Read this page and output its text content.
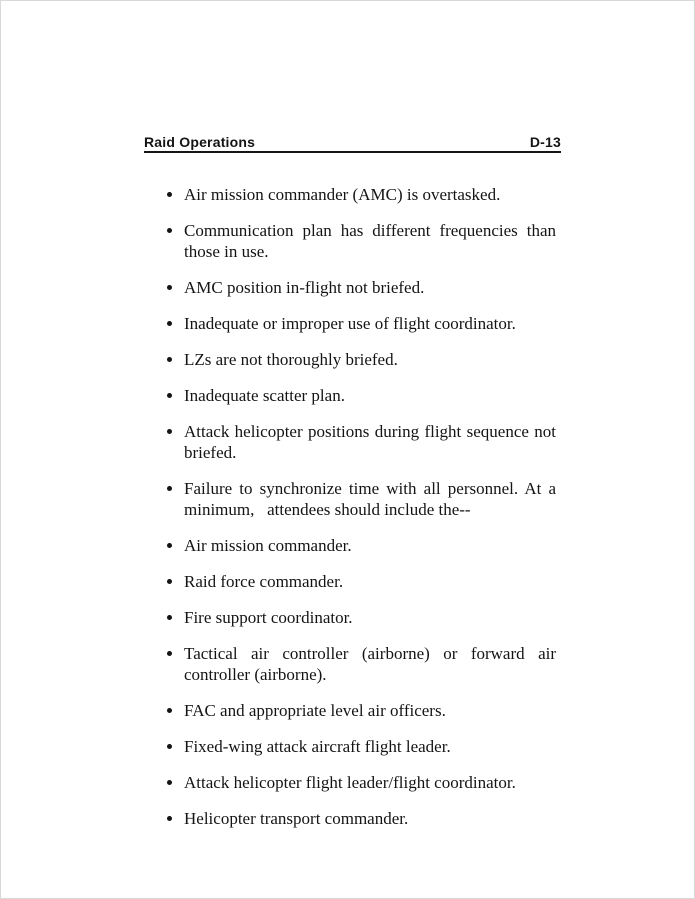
Raid Operations	D-13
Air mission commander (AMC) is overtasked.
Communication plan has different frequencies than those in use.
AMC position in-flight not briefed.
Inadequate or improper use of flight coordinator.
LZs are not thoroughly briefed.
Inadequate scatter plan.
Attack helicopter positions during flight sequence not briefed.
Failure to synchronize time with all personnel. At a minimum,   attendees should include the--
Air mission commander.
Raid force commander.
Fire support coordinator.
Tactical air controller (airborne) or forward air controller (airborne).
FAC and appropriate level air officers.
Fixed-wing attack aircraft flight leader.
Attack helicopter flight leader/flight coordinator.
Helicopter transport commander.
